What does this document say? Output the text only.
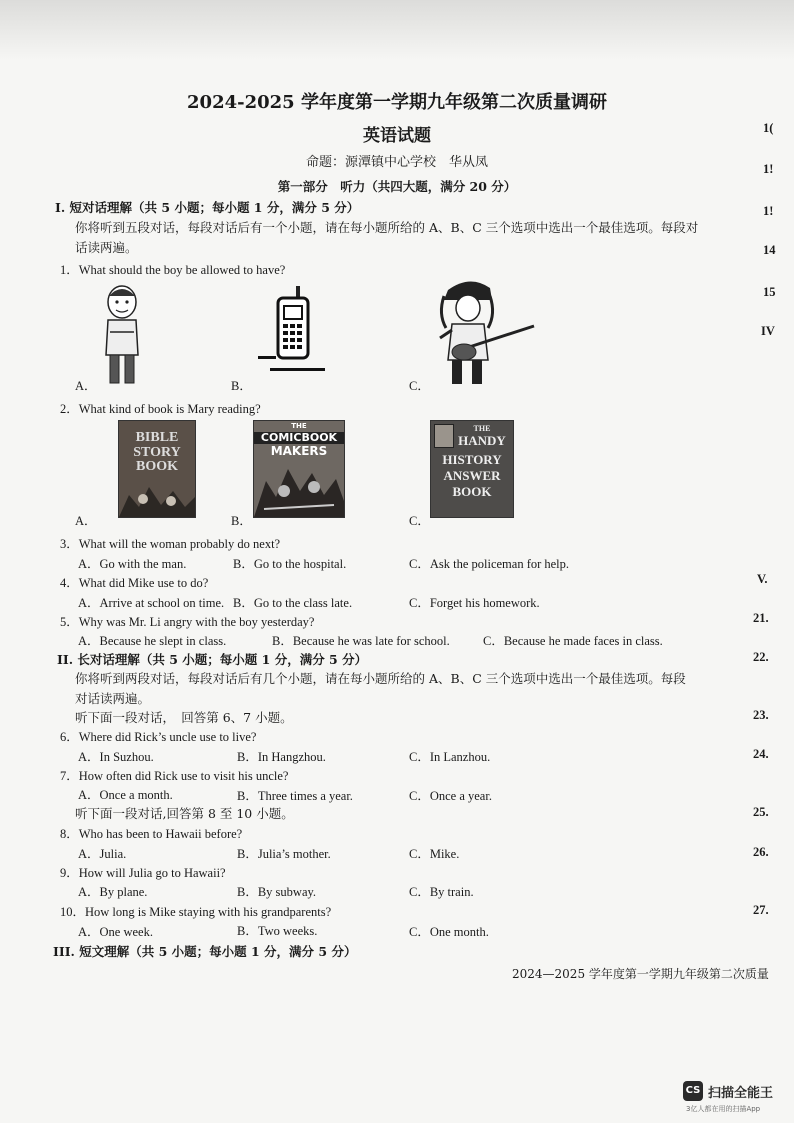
2024-2025 学年度第一学期九年级第二次质量调研
英语试题
命题：源潭镇中心学校　华从凤
第一部分　听力（共四大题，满分 20 分）
I. 短对话理解（共 5 小题；每小题 1 分，满分 5 分）
你将听到五段对话，每段对话后有一个小题，请在每小题所给的 A、B、C 三个选项中选出一个最佳选项。每段对
话读两遍。
1．What should the boy be allowed to have?
A．	B．	C．
2．What kind of book is Mary reading?
BIBLE STORY BOOK
A．
THE
COMICBOOK
MAKERS
B．
THE
HANDY
HISTORY
ANSWER
BOOK
C．
3．What will the woman probably do next?
A．Go with the man.	B．Go to the hospital.	C．Ask the policeman for help.
4．What did Mike use to do?
A．Arrive at school on time. B．Go to the class late.	C．Forget his homework.
5．Why was Mr. Li angry with the boy yesterday?
A．Because he slept in class.	B．Because he was late for school.	C．Because he made faces in class.
II. 长对话理解（共 5 小题；每小题 1 分，满分 5 分）
你将听到两段对话，每段对话后有几个小题，请在每小题所给的 A、B、C 三个选项中选出一个最佳选项。每段
对话读两遍。
听下面一段对话，　回答第 6、7 小题。
6．Where did Rick’s uncle use to live?
A．In Suzhou.	B．In Hangzhou.	C．In Lanzhou.
7．How often did Rick use to visit his uncle?
A．Once a month.	B．Three times a year.	C．Once a year.
听下面一段对话,回答第 8 至 10 小题。
8．Who has been to Hawaii before?
A．Julia.	B．Julia’s mother.	C．Mike.
9．How will Julia go to Hawaii?
A．By plane.	B．By subway.	C．By train.
10．How long is Mike staying with his grandparents?
A．One week.	B．Two weeks.	C．One month.
III. 短文理解（共 5 小题；每小题 1 分，满分 5 分）
1(
1!
1!
14
15
IV
V.
21.
22.
23.
24.
25.
26.
27.
2024—2025 学年度第一学期九年级第二次质量
CS 扫描全能王
3亿人都在用的扫描App
